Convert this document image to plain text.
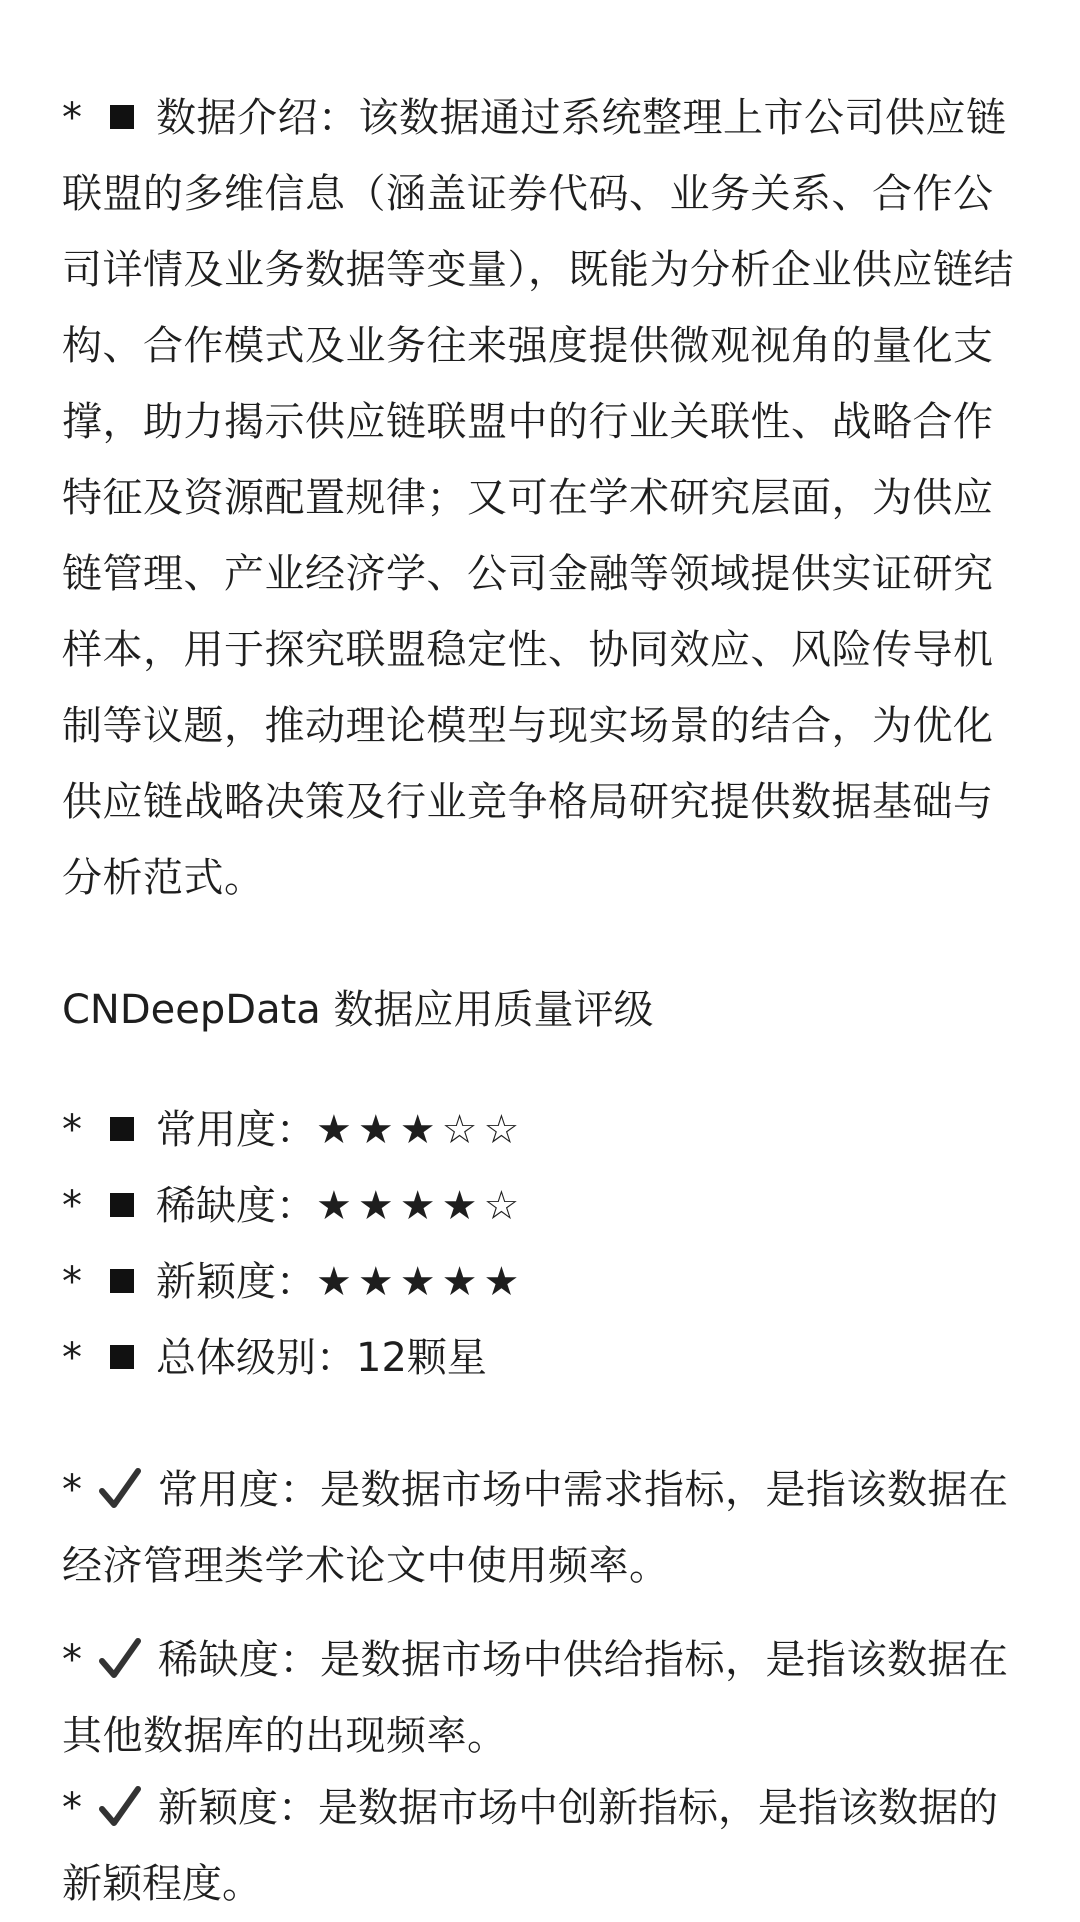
* 数据介绍：该数据通过系统整理上市公司供应链联盟的多维信息（涵盖证券代码、业务关系、合作公司详情及业务数据等变量），既能为分析企业供应链结构、合作模式及业务往来强度提供微观视角的量化支撑，助力揭示供应链联盟中的行业关联性、战略合作特征及资源配置规律；又可在学术研究层面，为供应链管理、产业经济学、公司金融等领域提供实证研究样本，用于探究联盟稳定性、协同效应、风险传导机制等议题，推动理论模型与现实场景的结合，为优化供应链战略决策及行业竞争格局研究提供数据基础与分析范式。

CNDeepData 数据应用质量评级
* 常用度：★★★☆☆
* 稀缺度：★★★★☆
* 新颖度：★★★★★
* 总体级别：12颗星

* 常用度：是数据市场中需求指标，是指该数据在经济管理类学术论文中使用频率。

* 稀缺度：是数据市场中供给指标，是指该数据在其他数据库的出现频率。

* 新颖度：是数据市场中创新指标，是指该数据的新颖程度。
